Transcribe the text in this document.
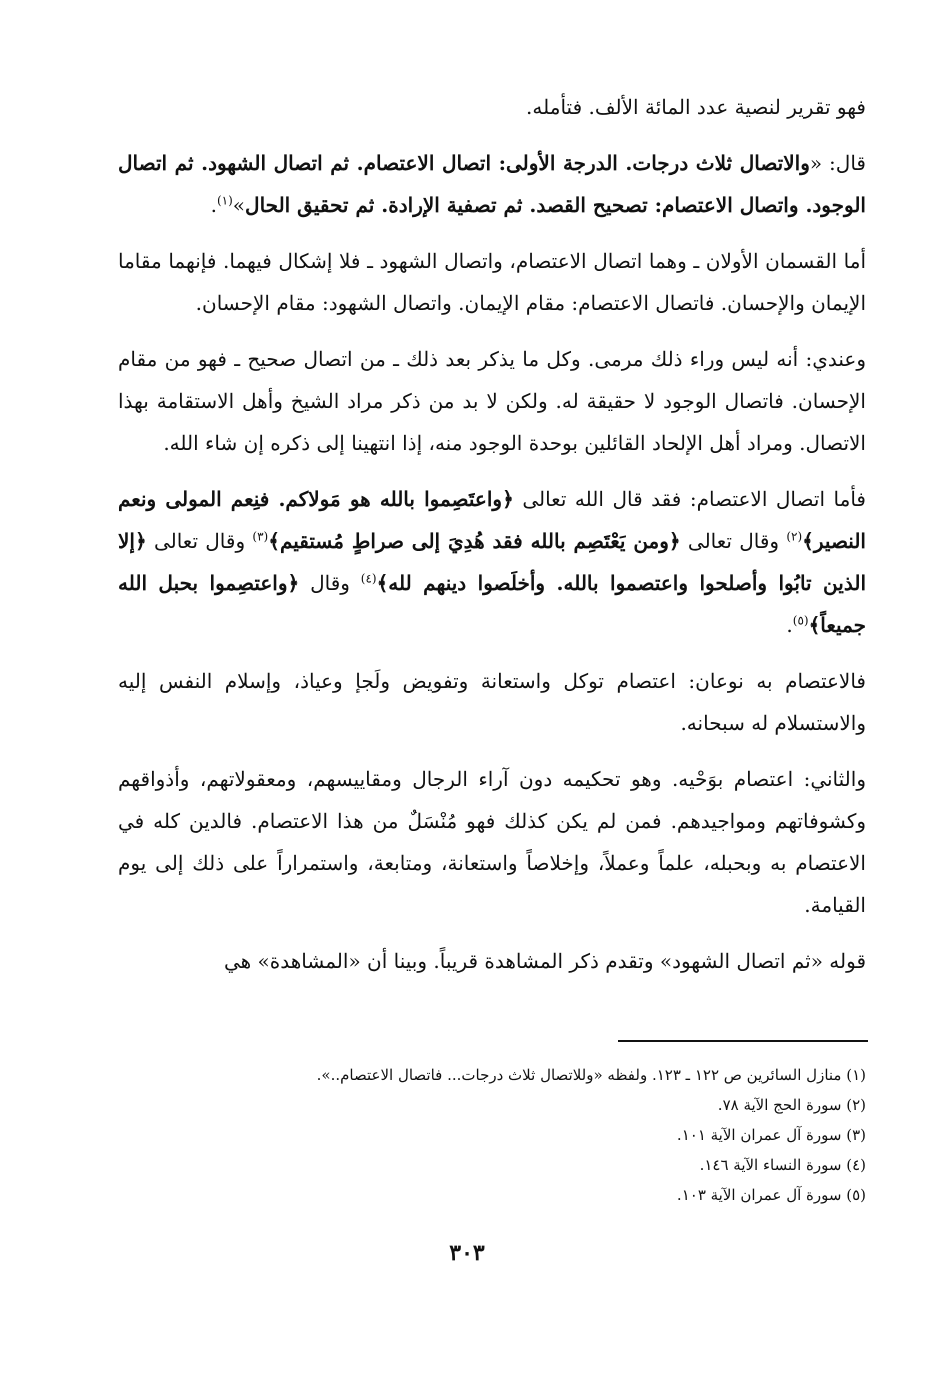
فهو تقرير لنصية عدد المائة الألف. فتأمله.

قال: «والاتصال ثلاث درجات. الدرجة الأولى: اتصال الاعتصام. ثم اتصال الشهود. ثم اتصال الوجود. واتصال الاعتصام: تصحيح القصد. ثم تصفية الإرادة. ثم تحقيق الحال»$^{(١)}$.

أما القسمان الأولان ـ وهما اتصال الاعتصام، واتصال الشهود ـ فلا إشكال فيهما. فإنهما مقاما الإيمان والإحسان. فاتصال الاعتصام: مقام الإيمان. واتصال الشهود: مقام الإحسان.

وعندي: أنه ليس وراء ذلك مرمى. وكل ما يذكر بعد ذلك ـ من اتصال صحيح ـ فهو من مقام الإحسان. فاتصال الوجود لا حقيقة له. ولكن لا بد من ذكر مراد الشيخ وأهل الاستقامة بهذا الاتصال. ومراد أهل الإلحاد القائلين بوحدة الوجود منه، إذا انتهينا إلى ذكره إن شاء الله.

فأما اتصال الاعتصام: فقد قال الله تعالى ﴿واعتَصِموا بالله هو مَولاكم. فنِعم المولى ونعم النصير﴾$^{(٢)}$ وقال تعالى ﴿ومن يَعْتَصِم بالله فقد هُدِيَ إلى صراطٍ مُستقيم﴾$^{(٣)}$ وقال تعالى ﴿إلا الذين تابُوا وأصلحوا واعتصموا بالله. وأخلَصوا دينهم لله﴾$^{(٤)}$ وقال ﴿واعتصِموا بحبل الله جميعاً﴾$^{(٥)}$.

فالاعتصام به نوعان: اعتصام توكل واستعانة وتفويض ولَجإ وعياذ، وإسلام النفس إليه والاستسلام له سبحانه.

والثاني: اعتصام بوَحْيه. وهو تحكيمه دون آراء الرجال ومقاييسهم، ومعقولاتهم، وأذواقهم وكشوفاتهم ومواجيدهم. فمن لم يكن كذلك فهو مُنْسَلٌ من هذا الاعتصام. فالدين كله في الاعتصام به وبحبله، علماً وعملاً، وإخلاصاً واستعانة، ومتابعة، واستمراراً على ذلك إلى يوم القيامة.

قوله «ثم اتصال الشهود» وتقدم ذكر المشاهدة قريباً. وبينا أن «المشاهدة» هي

(١) منازل السائرين ص ١٢٢ ـ ١٢٣. ولفظه «وللاتصال ثلاث درجات... فاتصال الاعتصام..».
(٢) سورة الحج الآية ٧٨.
(٣) سورة آل عمران الآية ١٠١.
(٤) سورة النساء الآية ١٤٦.
(٥) سورة آل عمران الآية ١٠٣.
٣٠٣
